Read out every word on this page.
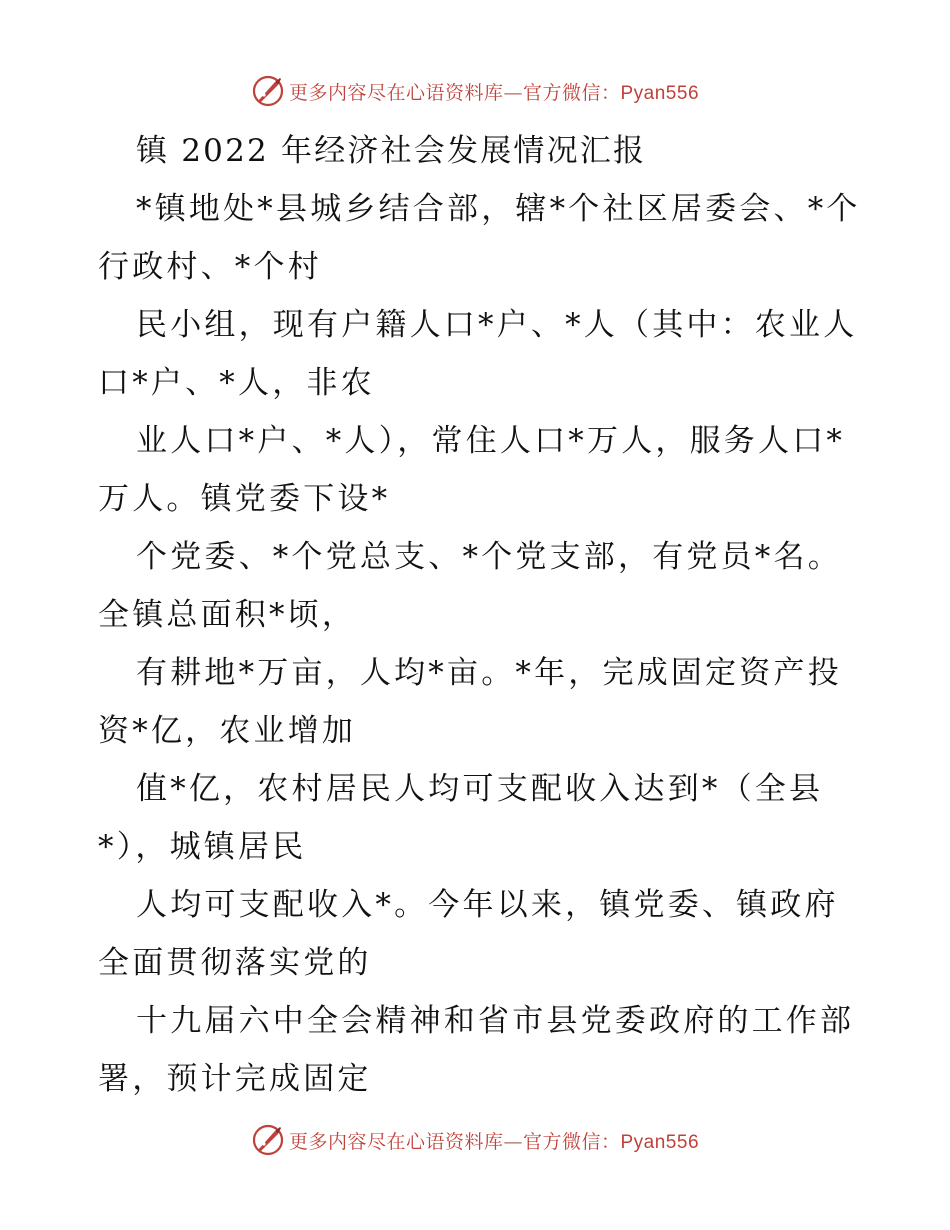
更多内容尽在心语资料库—官方微信：Pyan556
镇 2022 年经济社会发展情况汇报
*镇地处*县城乡结合部，辖*个社区居委会、*个
行政村、*个村
民小组，现有户籍人口*户、*人（其中：农业人
口*户、*人，非农
业人口*户、*人），常住人口*万人，服务人口*
万人。镇党委下设*
个党委、*个党总支、*个党支部，有党员*名。
全镇总面积*顷，
有耕地*万亩，人均*亩。*年，完成固定资产投
资*亿，农业增加
值*亿，农村居民人均可支配收入达到*（全县
*），城镇居民
人均可支配收入*。今年以来，镇党委、镇政府
全面贯彻落实党的
十九届六中全会精神和省市县党委政府的工作部
署，预计完成固定
更多内容尽在心语资料库—官方微信：Pyan556
